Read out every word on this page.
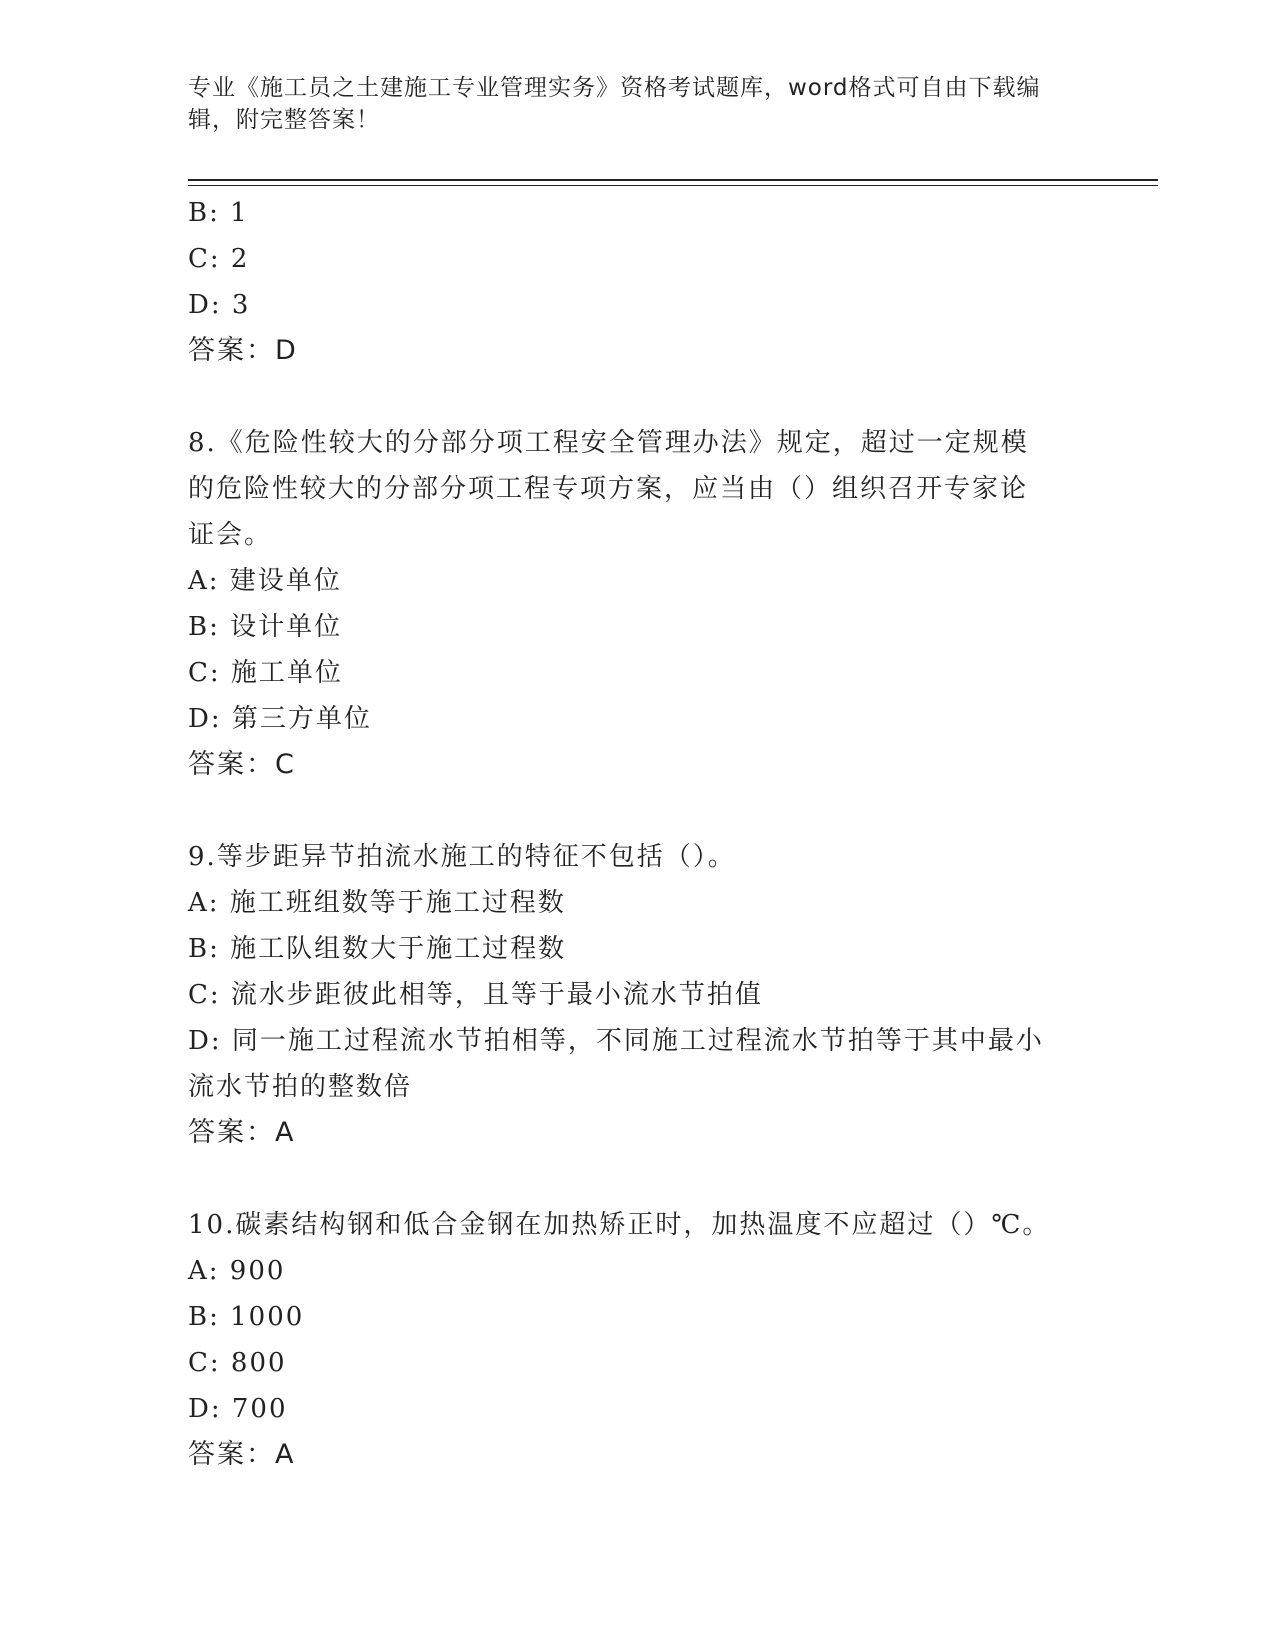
专业《施工员之土建施工专业管理实务》资格考试题库，word格式可自由下载编辑，附完整答案！
B: 1
C: 2
D: 3
答案：D
8.《危险性较大的分部分项工程安全管理办法》规定，超过一定规模
的危险性较大的分部分项工程专项方案，应当由（）组织召开专家论
证会。
A: 建设单位
B: 设计单位
C: 施工单位
D: 第三方单位
答案：C
9.等步距异节拍流水施工的特征不包括（）。
A: 施工班组数等于施工过程数
B: 施工队组数大于施工过程数
C: 流水步距彼此相等，且等于最小流水节拍值
D: 同一施工过程流水节拍相等，不同施工过程流水节拍等于其中最小
流水节拍的整数倍
答案：A
10.碳素结构钢和低合金钢在加热矫正时，加热温度不应超过（）℃。
A: 900
B: 1000
C: 800
D: 700
答案：A
